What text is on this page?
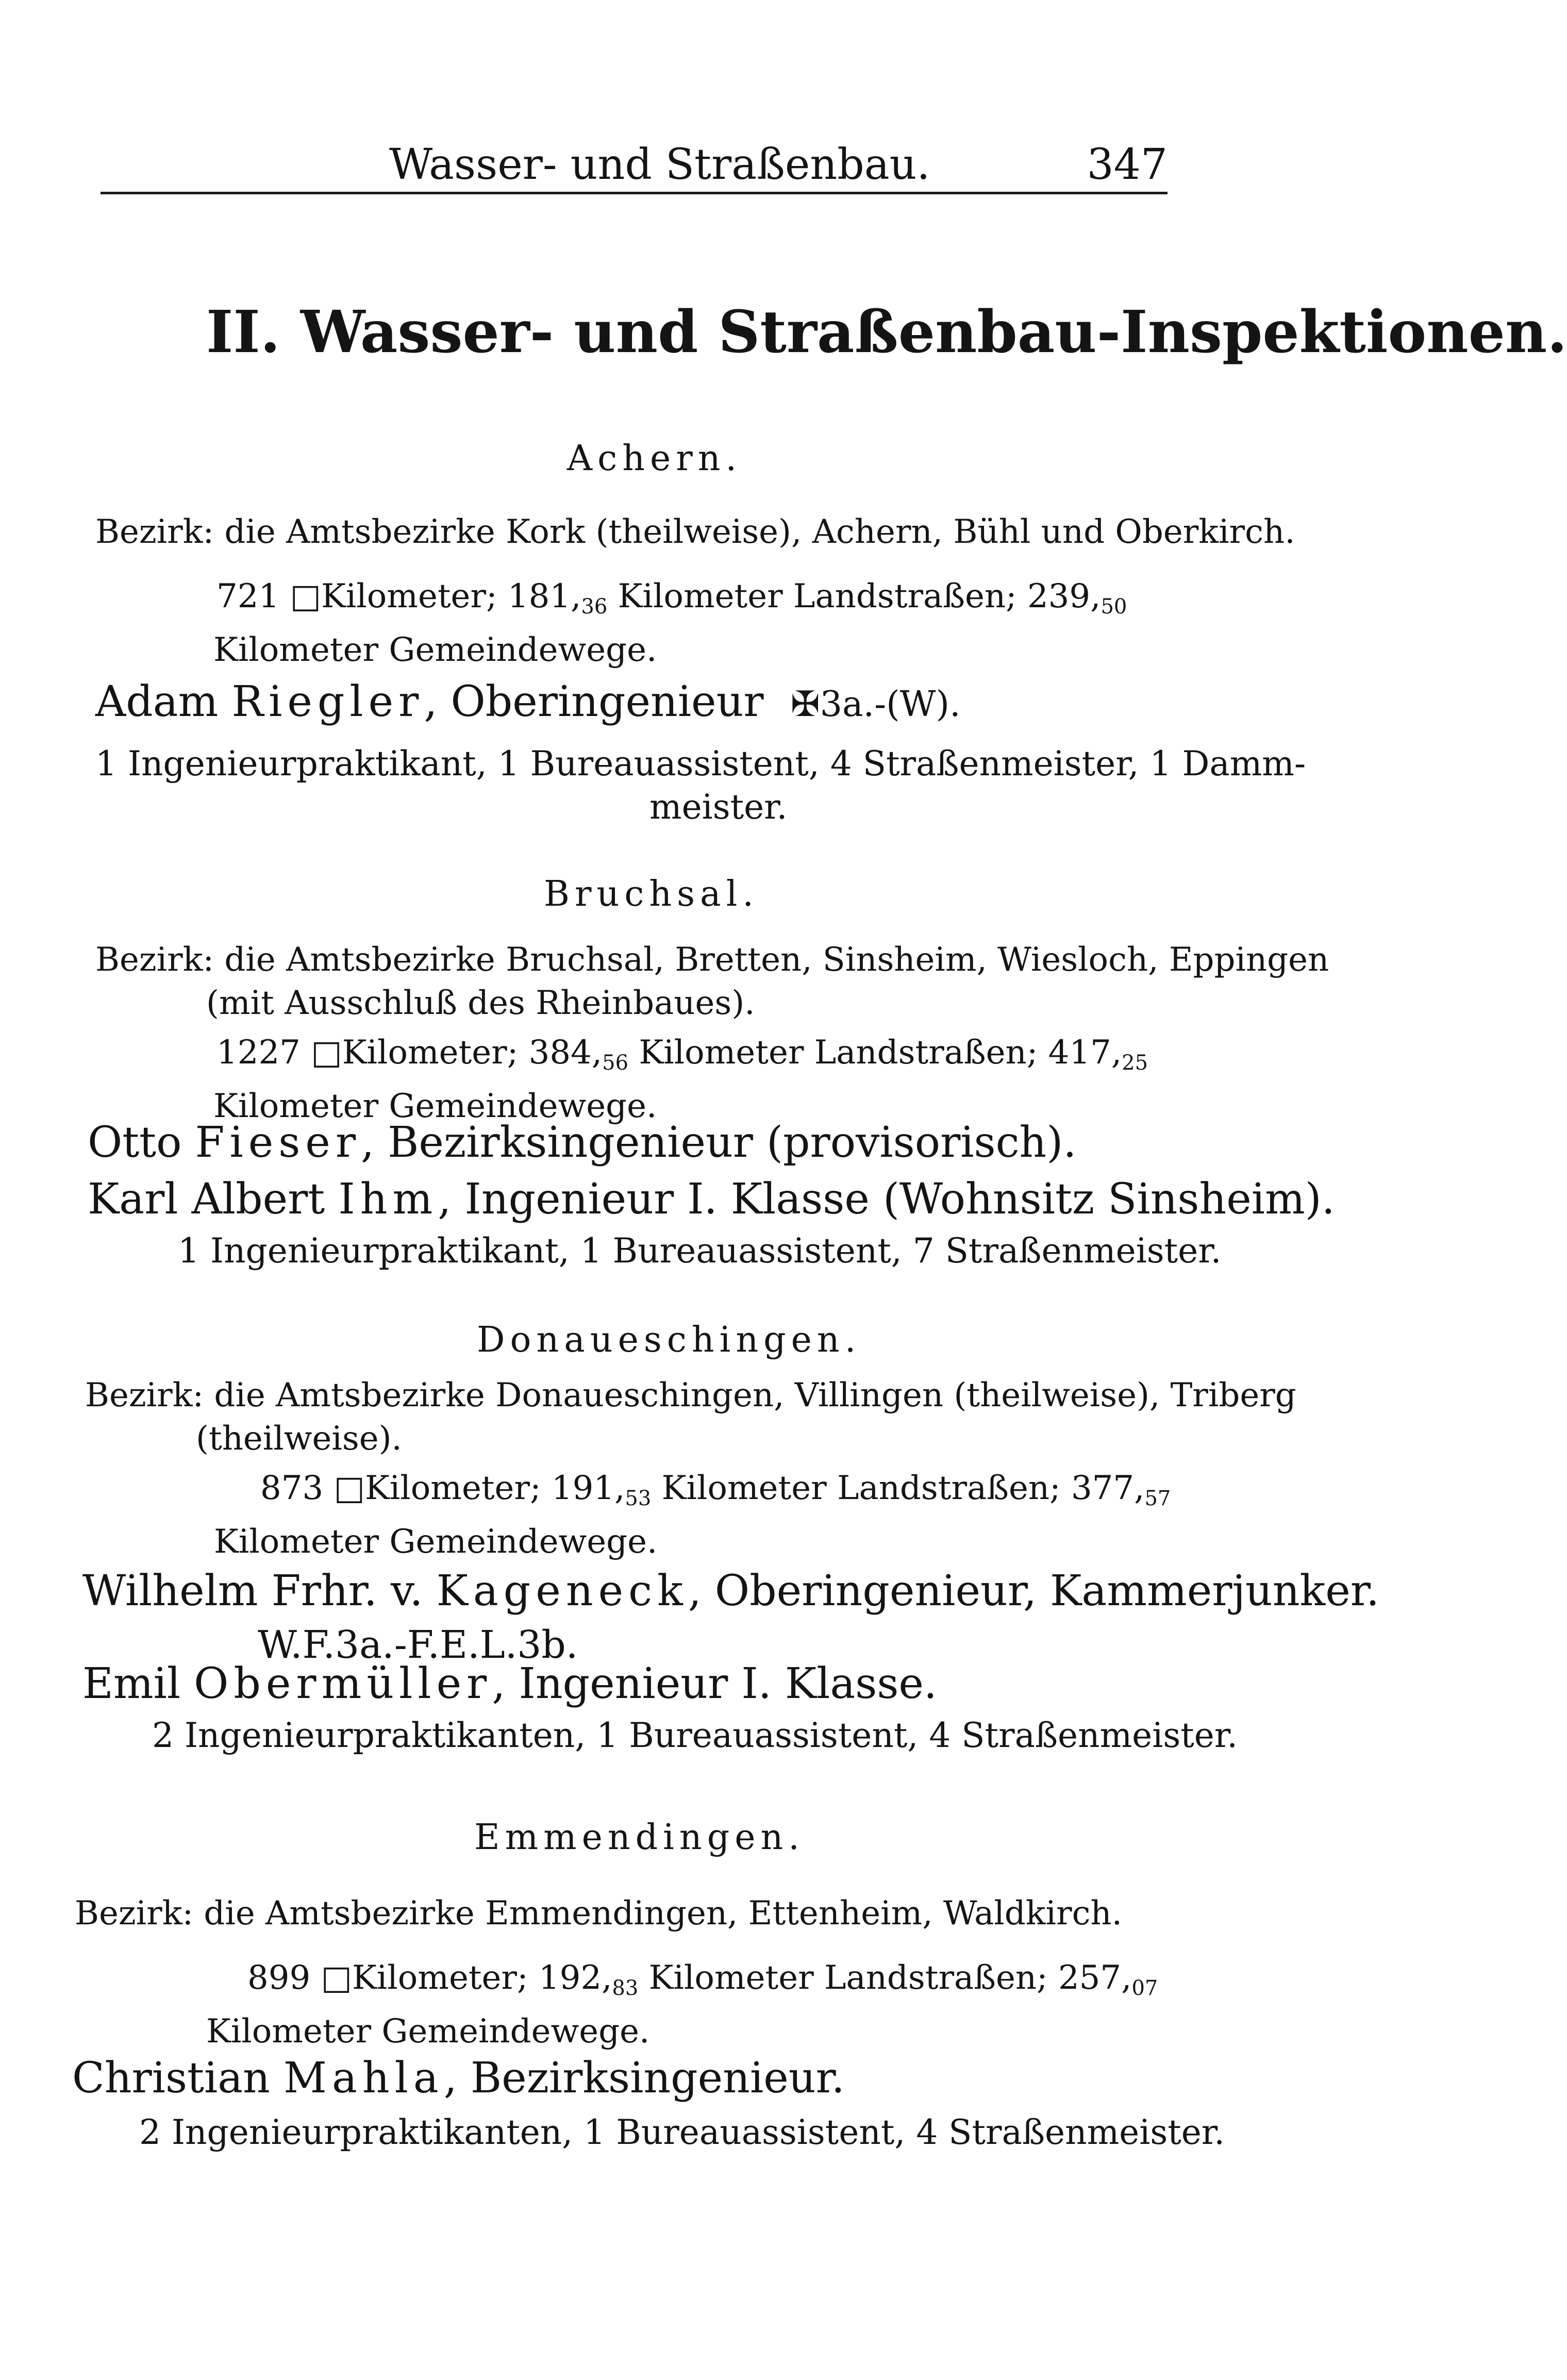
Wasser- und Straßenbau.	347
II. Wasser- und Straßenbau-Inspektionen.
Achern.
Bezirk: die Amtsbezirke Kork (theilweise), Achern, Bühl und Oberkirch.
721 □Kilometer; $181,_{36}$ Kilometer Landstraßen; $239,_{50}$
Kilometer Gemeindewege.
Adam Riegler, Oberingenieur ✠3a.-(W).
1 Ingenieurpraktikant, 1 Bureauassistent, 4 Straßenmeister, 1 Damm-
meister.
Bruchsal.
Bezirk: die Amtsbezirke Bruchsal, Bretten, Sinsheim, Wiesloch, Eppingen
(mit Ausschluß des Rheinbaues).
1227 □Kilometer; $384,_{56}$ Kilometer Landstraßen; $417,_{25}$
Kilometer Gemeindewege.
Otto Fieser, Bezirksingenieur (provisorisch).
Karl Albert Ihm, Ingenieur I. Klasse (Wohnsitz Sinsheim).
1 Ingenieurpraktikant, 1 Bureauassistent, 7 Straßenmeister.
Donaueschingen.
Bezirk: die Amtsbezirke Donaueschingen, Villingen (theilweise), Triberg
(theilweise).
873 □Kilometer; $191,_{53}$ Kilometer Landstraßen; $377,_{57}$
Kilometer Gemeindewege.
Wilhelm Frhr. v. Kageneck, Oberingenieur, Kammerjunker.
W.F.3a.-F.E.L.3b.
Emil Obermüller, Ingenieur I. Klasse.
2 Ingenieurpraktikanten, 1 Bureauassistent, 4 Straßenmeister.
Emmendingen.
Bezirk: die Amtsbezirke Emmendingen, Ettenheim, Waldkirch.
899 □Kilometer; $192,_{83}$ Kilometer Landstraßen; $257,_{07}$
Kilometer Gemeindewege.
Christian Mahla, Bezirksingenieur.
2 Ingenieurpraktikanten, 1 Bureauassistent, 4 Straßenmeister.
